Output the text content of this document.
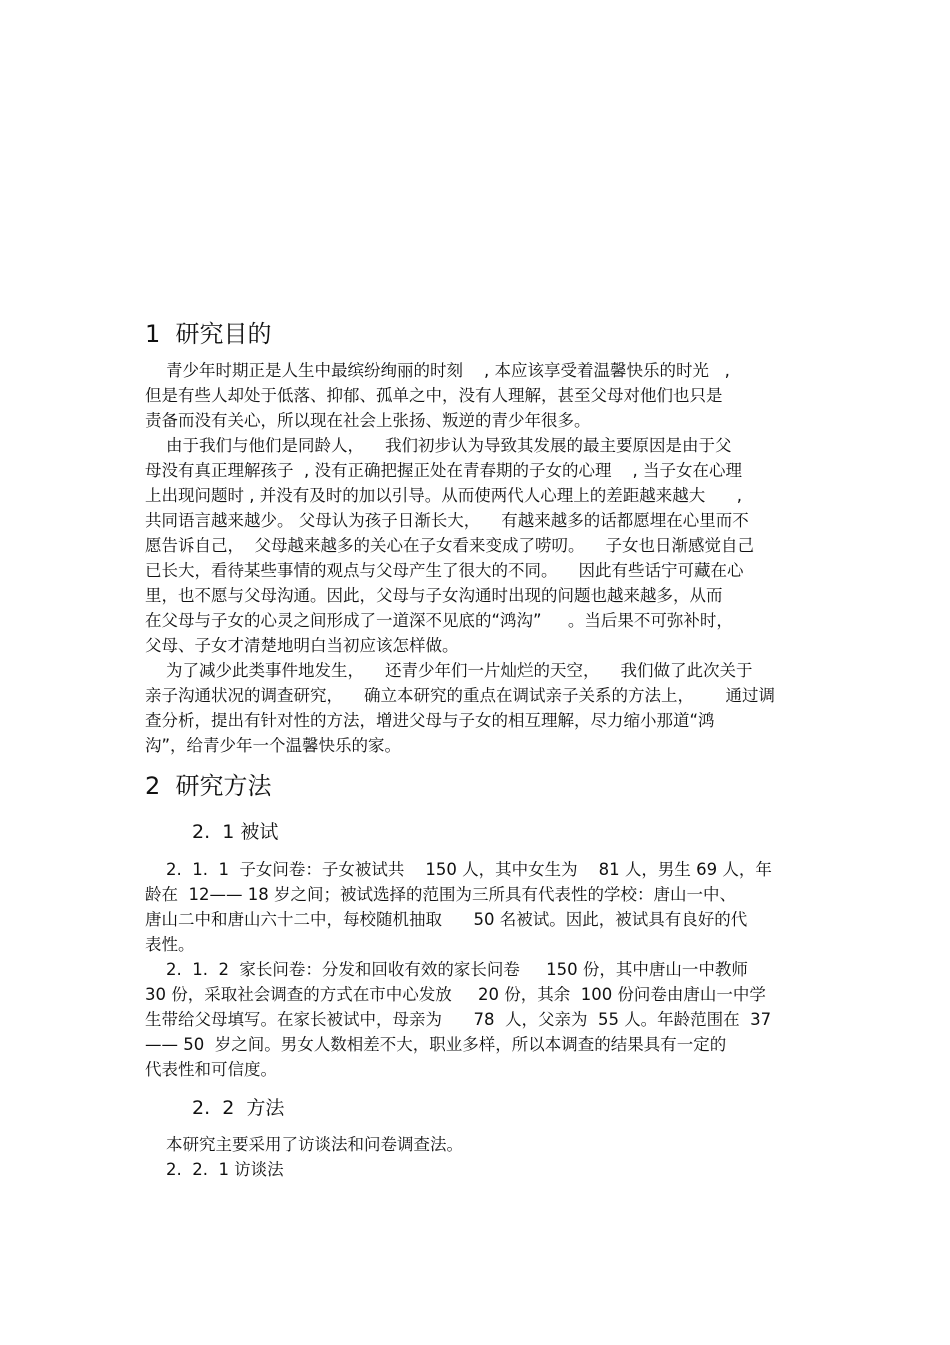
1  研究目的
青少年时期正是人生中最缤纷绚丽的时刻    , 本应该享受着温馨快乐的时光   ,
但是有些人却处于低落、抑郁、孤单之中，没有人理解，甚至父母对他们也只是
责备而没有关心，所以现在社会上张扬、叛逆的青少年很多。
由于我们与他们是同龄人，    我们初步认为导致其发展的最主要原因是由于父
母没有真正理解孩子  , 没有正确把握正处在青春期的子女的心理    , 当子女在心理
上出现问题时 , 并没有及时的加以引导。从而使两代人心理上的差距越来越大      ,
共同语言越来越少。 父母认为孩子日渐长大，    有越来越多的话都愿埋在心里而不
愿告诉自己，  父母越来越多的关心在子女看来变成了唠叨。    子女也日渐感觉自己
已长大，看待某些事情的观点与父母产生了很大的不同。    因此有些话宁可藏在心
里，也不愿与父母沟通。因此，父母与子女沟通时出现的问题也越来越多，从而
在父母与子女的心灵之间形成了一道深不见底的“鸿沟”     。当后果不可弥补时，
父母、子女才清楚地明白当初应该怎样做。
为了减少此类事件地发生，    还青少年们一片灿烂的天空，    我们做了此次关于
亲子沟通状况的调查研究，    确立本研究的重点在调试亲子关系的方法上，      通过调
查分析，提出有针对性的方法，增进父母与子女的相互理解，尽力缩小那道“鸿
沟”，给青少年一个温馨快乐的家。
2  研究方法
2.  1 被试
2.  1.  1  子女问卷：子女被试共    150 人，其中女生为    81 人，男生 69 人，年
龄在  12—— 18 岁之间；被试选择的范围为三所具有代表性的学校：唐山一中、
唐山二中和唐山六十二中，每校随机抽取      50 名被试。因此，被试具有良好的代
表性。
2.  1.  2  家长问卷：分发和回收有效的家长问卷     150 份，其中唐山一中教师
30 份，采取社会调查的方式在市中心发放     20 份，其余  100 份问卷由唐山一中学
生带给父母填写。在家长被试中，母亲为      78  人，父亲为  55 人。年龄范围在  37
—— 50  岁之间。男女人数相差不大，职业多样，所以本调查的结果具有一定的
代表性和可信度。
2.  2  方法
本研究主要采用了访谈法和问卷调查法。
2.  2.  1 访谈法
